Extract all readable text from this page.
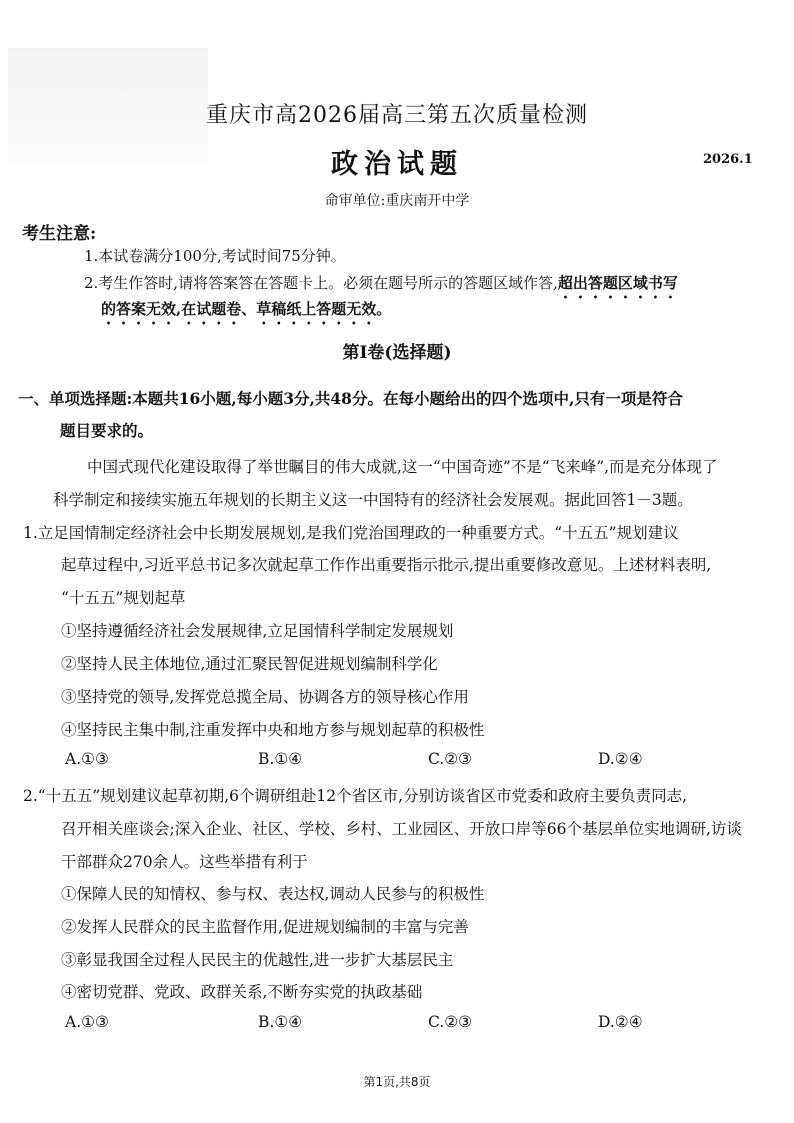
重庆市高2026届高三第五次质量检测
政治试题	2026.1
命审单位:重庆南开中学
考生注意:
1.本试卷满分100分,考试时间75分钟。
2.考生作答时,请将答案答在答题卡上。必须在题号所示的答题区域作答,超出答题区域书写
的答案无效,在试题卷、草稿纸上答题无效。
第Ⅰ卷(选择题)
一、单项选择题:本题共16小题,每小题3分,共48分。在每小题给出的四个选项中,只有一项是符合
题目要求的。
中国式现代化建设取得了举世瞩目的伟大成就,这一“中国奇迹”不是“飞来峰”,而是充分体现了
科学制定和接续实施五年规划的长期主义这一中国特有的经济社会发展观。据此回答1－3题。
1.立足国情制定经济社会中长期发展规划,是我们党治国理政的一种重要方式。“十五五”规划建议
起草过程中,习近平总书记多次就起草工作作出重要指示批示,提出重要修改意见。上述材料表明,
“十五五”规划起草
①坚持遵循经济社会发展规律,立足国情科学制定发展规划
②坚持人民主体地位,通过汇聚民智促进规划编制科学化
③坚持党的领导,发挥党总揽全局、协调各方的领导核心作用
④坚持民主集中制,注重发挥中央和地方参与规划起草的积极性
A.①③	B.①④	C.②③	D.②④
2.“十五五”规划建议起草初期,6个调研组赴12个省区市,分别访谈省区市党委和政府主要负责同志,
召开相关座谈会;深入企业、社区、学校、乡村、工业园区、开放口岸等66个基层单位实地调研,访谈
干部群众270余人。这些举措有利于
①保障人民的知情权、参与权、表达权,调动人民参与的积极性
②发挥人民群众的民主监督作用,促进规划编制的丰富与完善
③彰显我国全过程人民民主的优越性,进一步扩大基层民主
④密切党群、党政、政群关系,不断夯实党的执政基础
A.①③	B.①④	C.②③	D.②④
第1页,共8页
